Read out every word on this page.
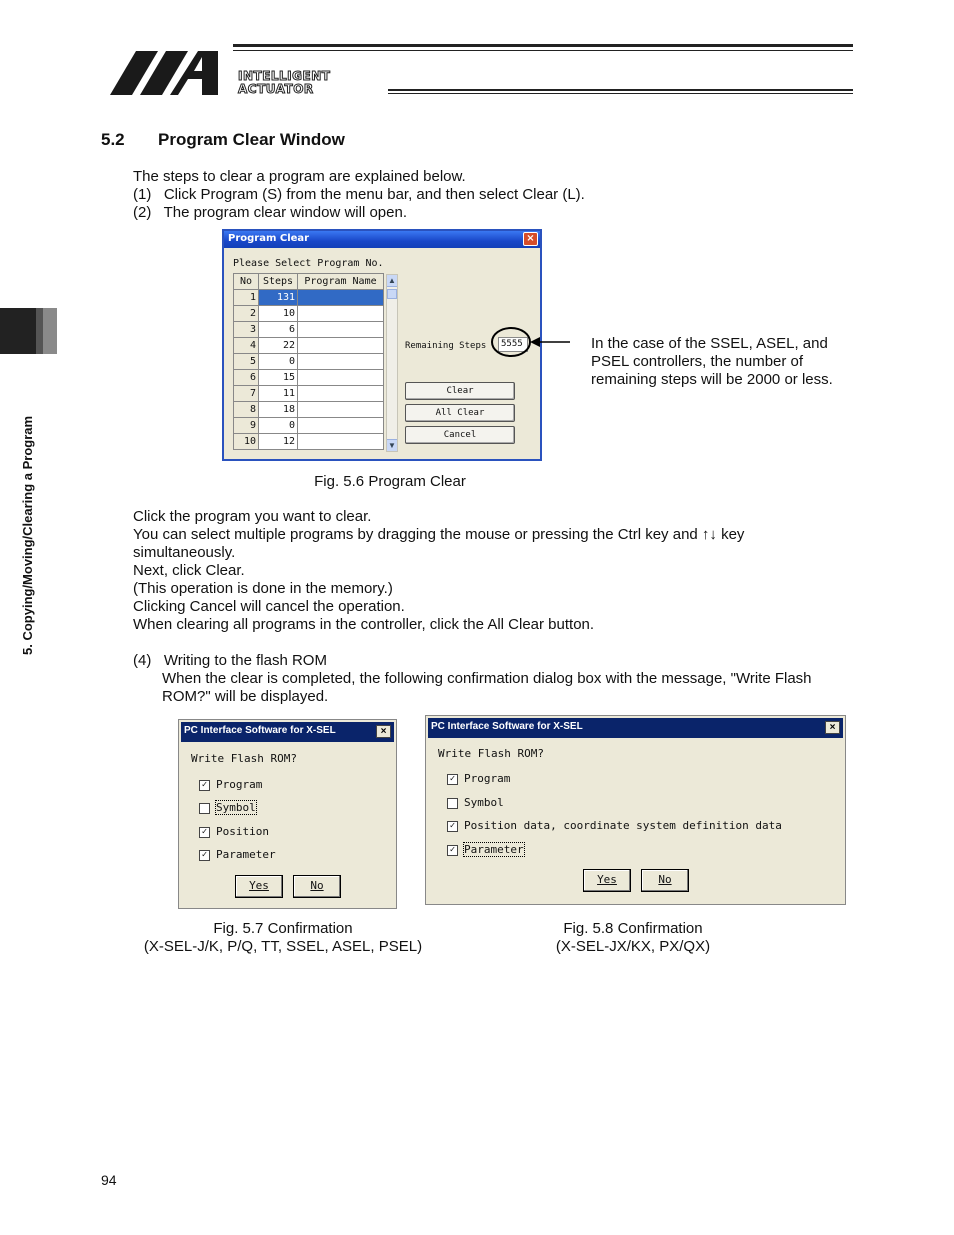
INTELLIGENT
ACTUATOR
5. Copying/Moving/Clearing a Program
5.2 Program Clear Window
The steps to clear a program are explained below.
(1)   Click Program (S) from the menu bar, and then select Clear (L).
(2)   The program clear window will open.
Program Clear	×
Please Select Program No.
No	Steps	Program Name
1	131	
2	10	
3	6	
4	22	
5	0	
6	15	
7	11	
8	18	
9	0	
10	12	
▲
▼
Remaining Steps	5555
Clear
All Clear
Cancel
In the case of the SSEL, ASEL, and PSEL controllers, the number of remaining steps will be 2000 or less.
Fig. 5.6 Program Clear
Click the program you want to clear.
You can select multiple programs by dragging the mouse or pressing the Ctrl key and ↑↓ key
simultaneously.
Next, click Clear.
(This operation is done in the memory.)
Clicking Cancel will cancel the operation.
When clearing all programs in the controller, click the All Clear button.
(4)   Writing to the flash ROM
When the clear is completed, the following confirmation dialog box with the message, "Write Flash
ROM?" will be displayed.
PC Interface Software for X-SEL	×
Write Flash ROM?
✓ Program
Symbol
✓ Position
✓ Parameter
Yes	No
PC Interface Software for X-SEL	×
Write Flash ROM?
✓ Program
Symbol
✓ Position data, coordinate system definition data
✓ Parameter
Yes	No
Fig. 5.7 Confirmation
(X-SEL-J/K, P/Q, TT, SSEL, ASEL, PSEL)
Fig. 5.8 Confirmation
(X-SEL-JX/KX, PX/QX)
94
